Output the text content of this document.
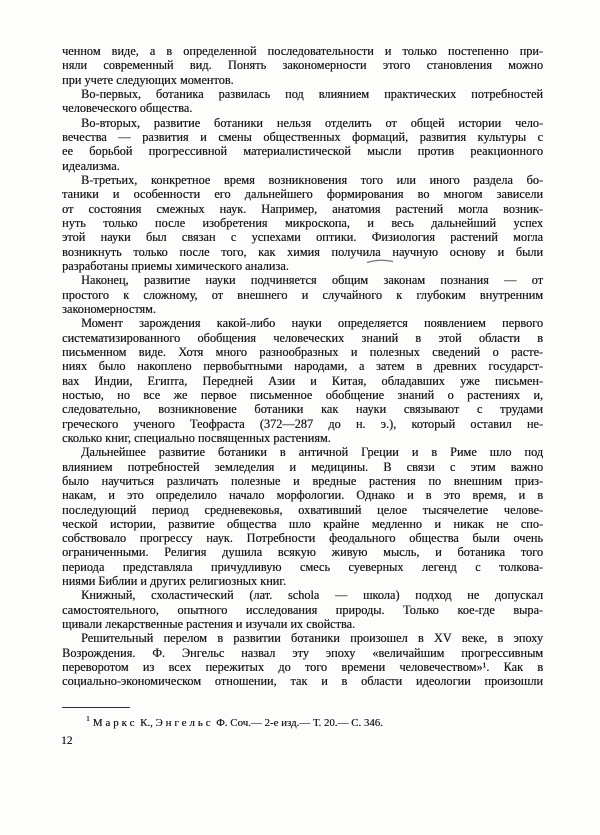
ченном виде, а в определенной последовательности и только постепенно при-
няли современный вид. Понять закономерности этого становления можно
при учете следующих моментов.
Во-первых, ботаника развилась под влиянием практических потребностей
человеческого общества.
Во-вторых, развитие ботаники нельзя отделить от общей истории чело-
вечества — развития и смены общественных формаций, развития культуры с
ее борьбой прогрессивной материалистической мысли против реакционного
идеализма.
В-третьих, конкретное время возникновения того или иного раздела бо-
таники и особенности его дальнейшего формирования во многом зависели
от состояния смежных наук. Например, анатомия растений могла возник-
нуть только после изобретения микроскопа, и весь дальнейший успех
этой науки был связан с успехами оптики. Физиология растений могла
возникнуть только после того, как химия получила научную основу и были
разработаны приемы химического анализа.
Наконец, развитие науки подчиняется общим законам познания — от
простого к сложному, от внешнего и случайного к глубоким внутренним
закономерностям.
Момент зарождения какой-либо науки определяется появлением первого
систематизированного обобщения человеческих знаний в этой области в
письменном виде. Хотя много разнообразных и полезных сведений о расте-
ниях было накоплено первобытными народами, а затем в древних государст-
вах Индии, Египта, Передней Азии и Китая, обладавших уже письмен-
ностью, но все же первое письменное обобщение знаний о растениях и,
следовательно, возникновение ботаники как науки связывают с трудами
греческого ученого Теофраста (372—287 до н. э.), который оставил не-
сколько книг, специально посвященных растениям.
Дальнейшее развитие ботаники в античной Греции и в Риме шло под
влиянием потребностей земледелия и медицины. В связи с этим важно
было научиться различать полезные и вредные растения по внешним приз-
накам, и это определило начало морфологии. Однако и в это время, и в
последующий период средневековья, охвативший целое тысячелетие челове-
ческой истории, развитие общества шло крайне медленно и никак не спо-
собствовало прогрессу наук. Потребности феодального общества были очень
ограниченными. Религия душила всякую живую мысль, и ботаника того
периода представляла причудливую смесь суеверных легенд с толкова-
ниями Библии и других религиозных книг.
Книжный, схоластический (лат. schola — школа) подход не допускал
самостоятельного, опытного исследования природы. Только кое-где выра-
щивали лекарственные растения и изучали их свойства.
Решительный перелом в развитии ботаники произошел в XV веке, в эпоху
Возрождения. Ф. Энгельс назвал эту эпоху «величайшим прогрессивным
переворотом из всех пережитых до того времени человечеством»¹. Как в
социально-экономическом отношении, так и в области идеологии произошли
$^1$ Маркс К., Энгельс Ф. Соч.— 2-е изд.— Т. 20.— С. 346.
12
